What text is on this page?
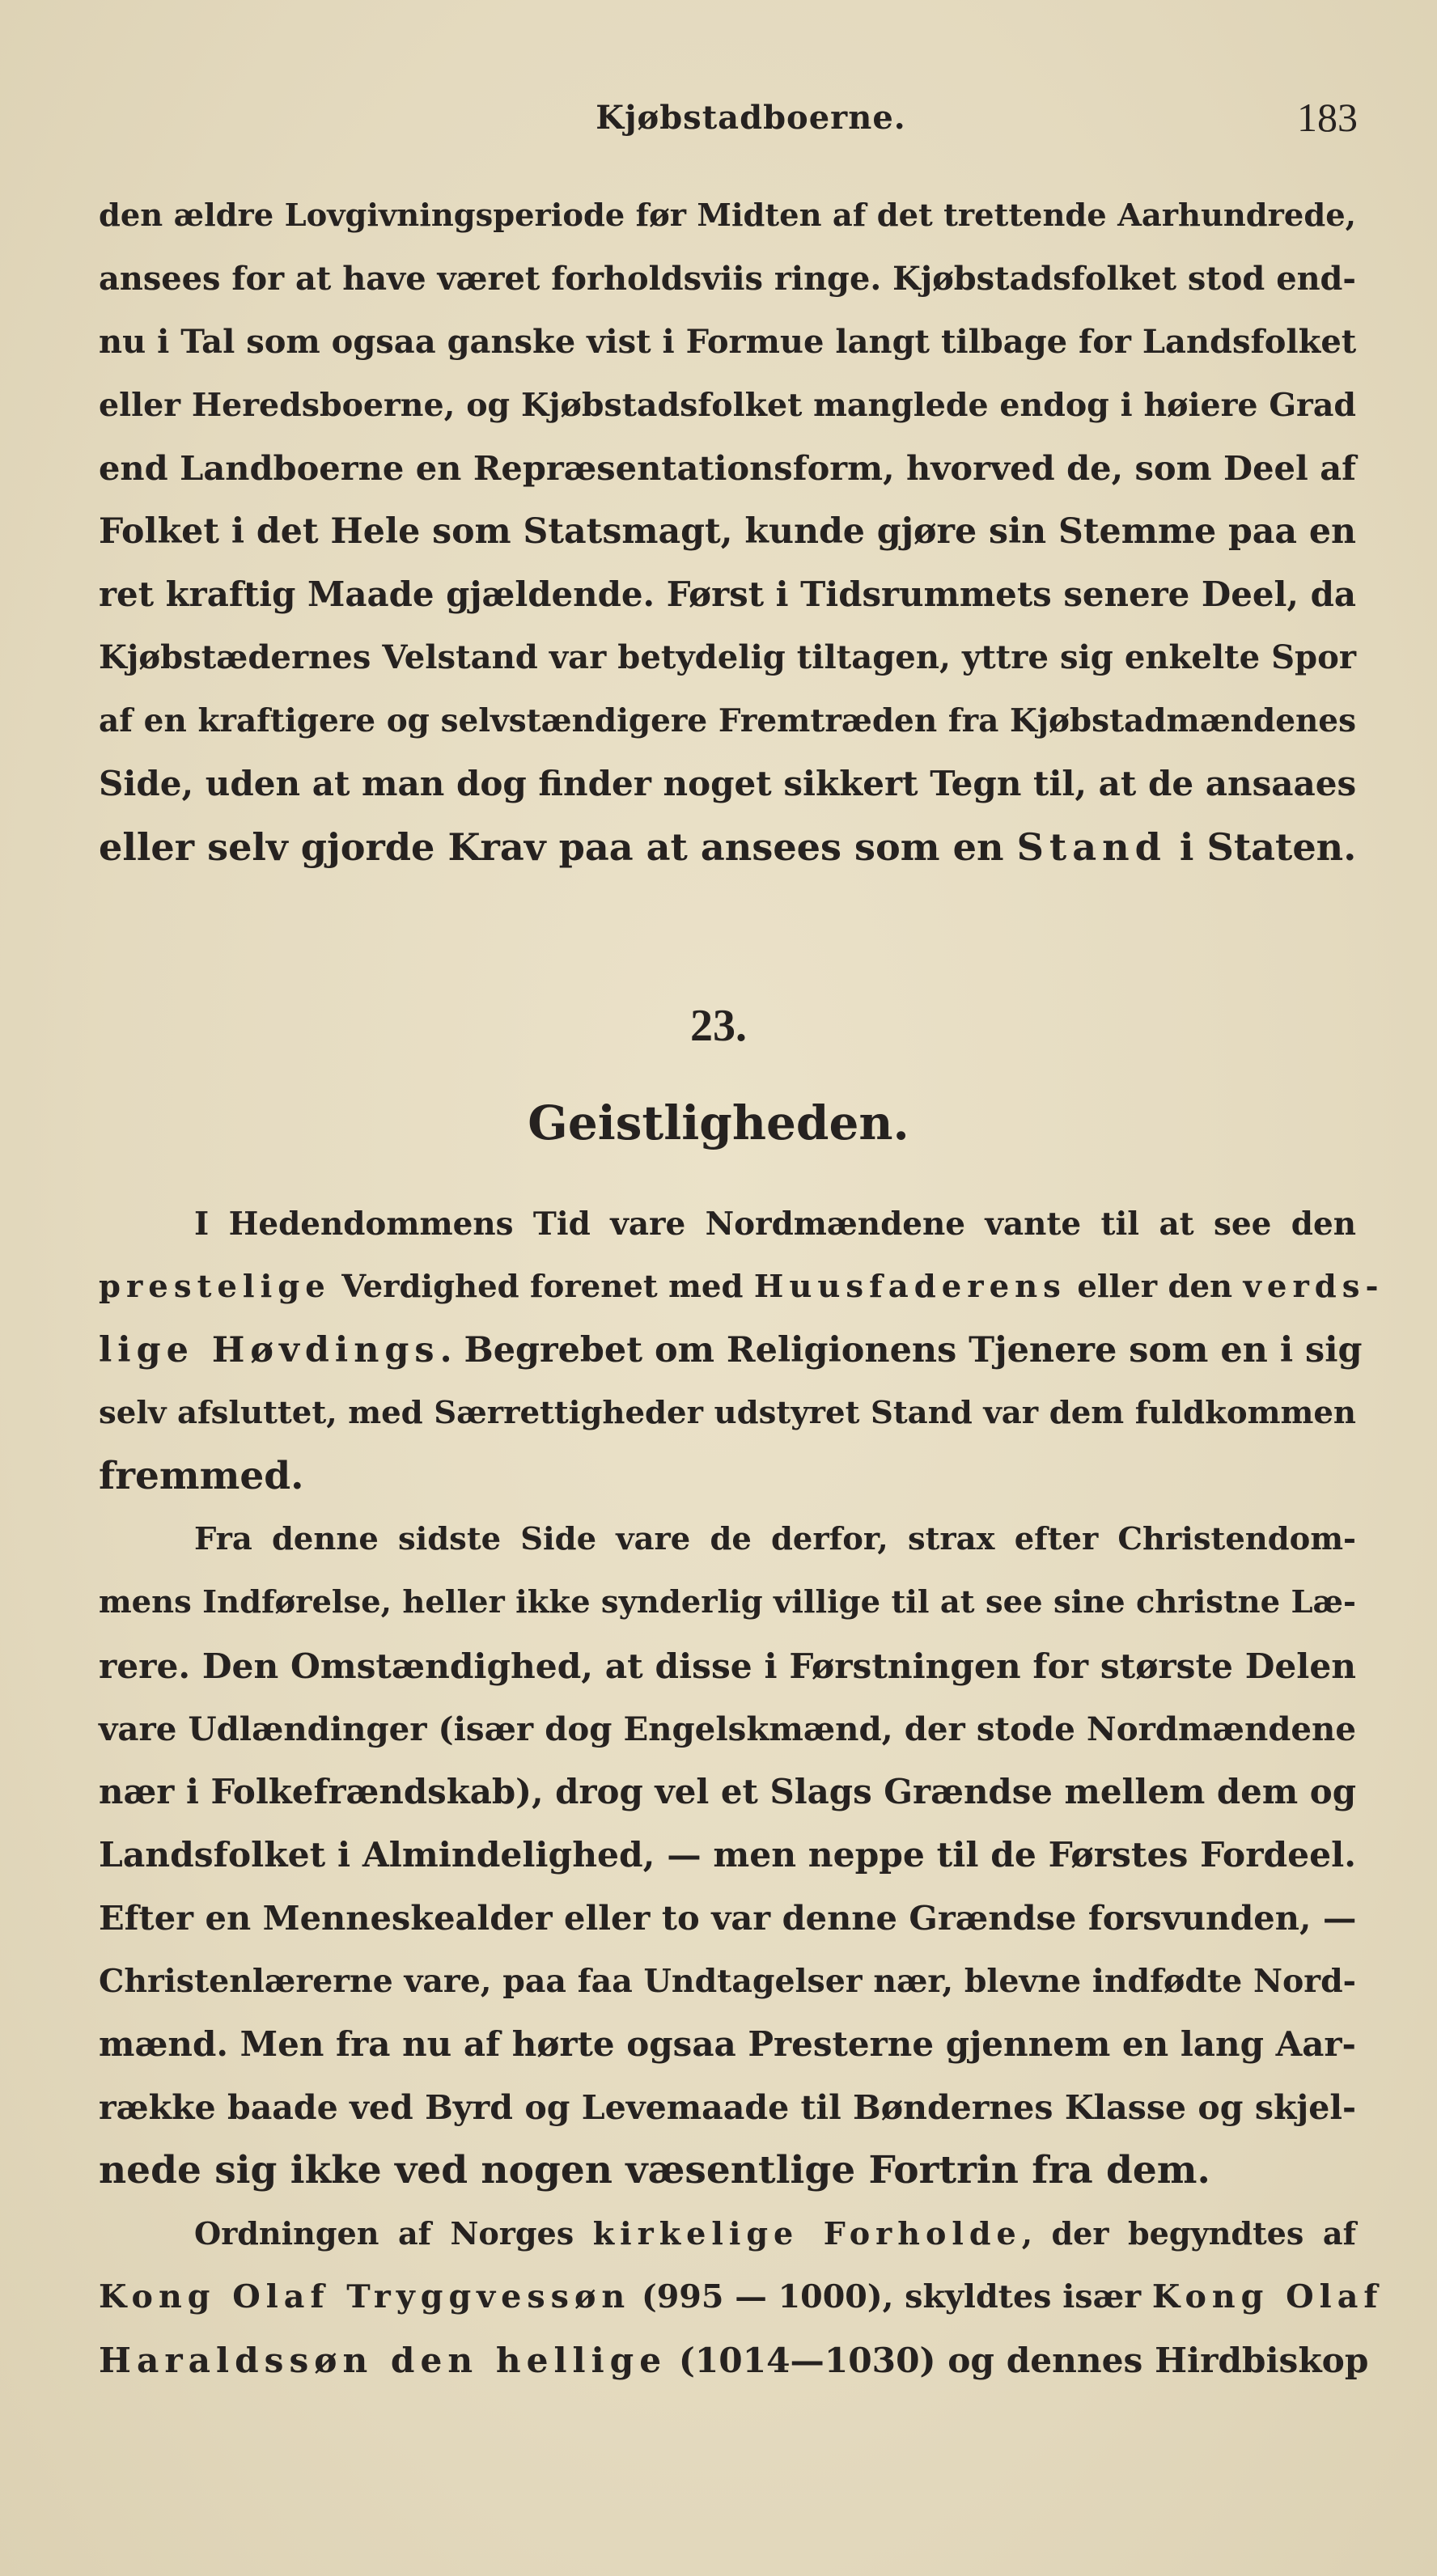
Kjøbstadboerne.	183
den ældre Lovgivningsperiode før Midten af det trettende Aarhundrede,
ansees for at have været forholdsviis ringe. Kjøbstadsfolket stod end-
nu i Tal som ogsaa ganske vist i Formue langt tilbage for Landsfolket
eller Heredsboerne, og Kjøbstadsfolket manglede endog i høiere Grad
end Landboerne en Repræsentationsform, hvorved de, som Deel af
Folket i det Hele som Statsmagt, kunde gjøre sin Stemme paa en
ret kraftig Maade gjældende. Først i Tidsrummets senere Deel, da
Kjøbstædernes Velstand var betydelig tiltagen, yttre sig enkelte Spor
af en kraftigere og selvstændigere Fremtræden fra Kjøbstadmændenes
Side, uden at man dog finder noget sikkert Tegn til, at de ansaaes
eller selv gjorde Krav paa at ansees som en Stand i Staten.
23.
Geistligheden.
I Hedendommens Tid vare Nordmændene vante til at see den
prestelige Verdighed forenet med Huusfaderens eller den verds-
lige Høvdings. Begrebet om Religionens Tjenere som en i sig
selv afsluttet, med Særrettigheder udstyret Stand var dem fuldkommen
fremmed.
Fra denne sidste Side vare de derfor, strax efter Christendom-
mens Indførelse, heller ikke synderlig villige til at see sine christne Læ-
rere. Den Omstændighed, at disse i Førstningen for største Delen
vare Udlændinger (især dog Engelskmænd, der stode Nordmændene
nær i Folkefrændskab), drog vel et Slags Grændse mellem dem og
Landsfolket i Almindelighed, — men neppe til de Førstes Fordeel.
Efter en Menneskealder eller to var denne Grændse forsvunden, —
Christenlærerne vare, paa faa Undtagelser nær, blevne indfødte Nord-
mænd. Men fra nu af hørte ogsaa Presterne gjennem en lang Aar-
række baade ved Byrd og Levemaade til Bøndernes Klasse og skjel-
nede sig ikke ved nogen væsentlige Fortrin fra dem.
Ordningen af Norges kirkelige Forholde, der begyndtes af
Kong Olaf Tryggvessøn (995 — 1000), skyldtes især Kong Olaf
Haraldssøn den hellige (1014—1030) og dennes Hirdbiskop
